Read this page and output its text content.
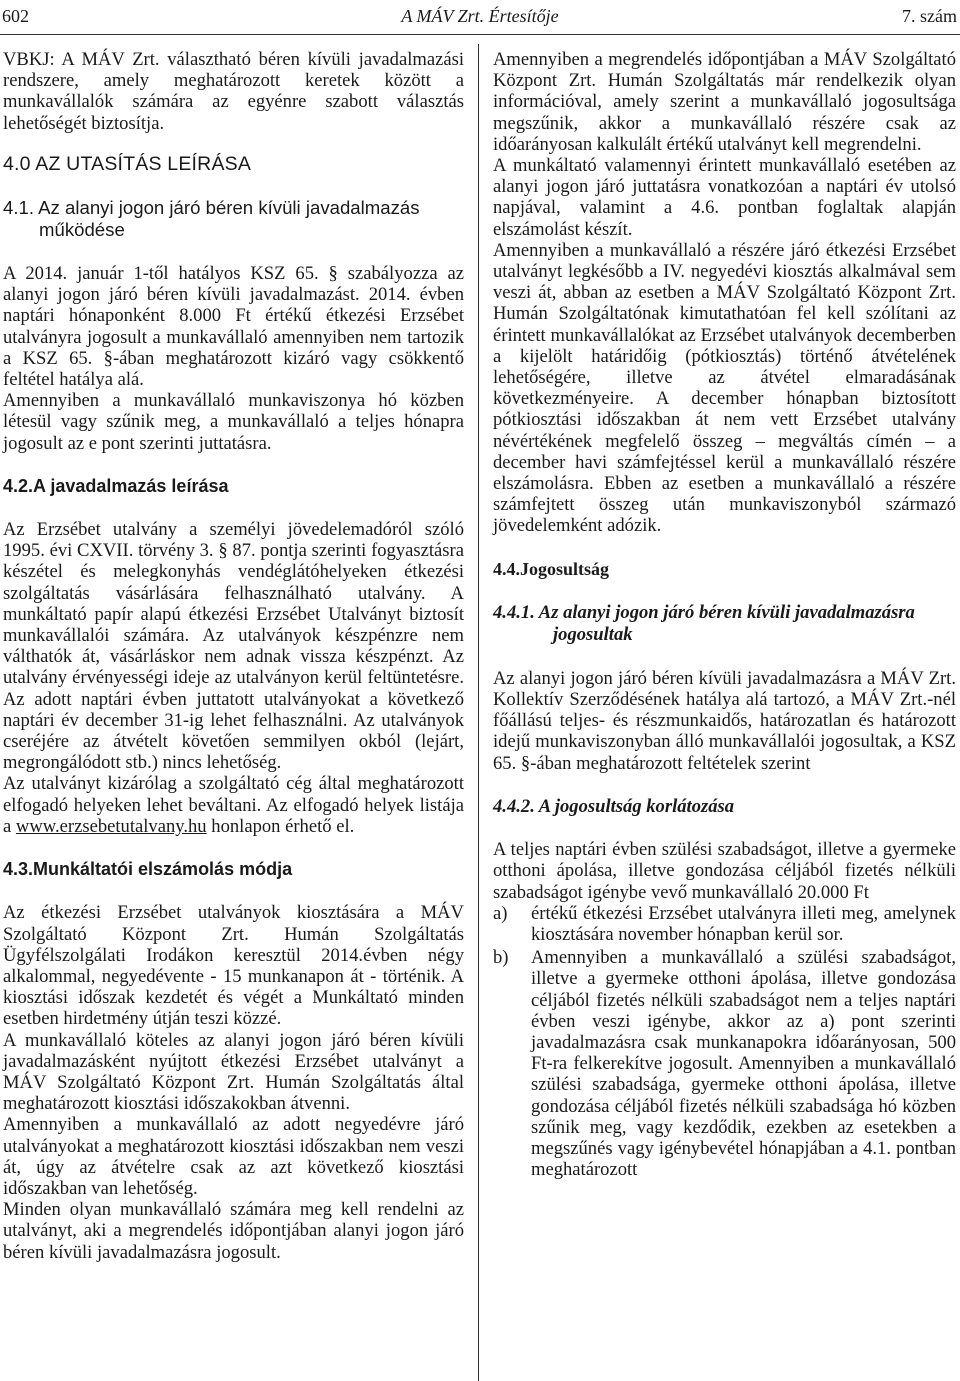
602	A MÁV Zrt. Értesítője	7. szám

VBKJ: A MÁV Zrt. választható béren kívüli javadalmazási rendszere, amely meghatározott keretek között a munkavállalók számára az egyénre szabott választás lehetőségét biztosítja.

4.0 AZ UTASÍTÁS LEÍRÁSA
4.1. Az alanyi jogon járó béren kívüli javadalmazás működése

A 2014. január 1-től hatályos KSZ 65. § szabályozza az alanyi jogon járó béren kívüli javadalmazást. 2014. évben naptári hónaponként 8.000 Ft értékű étkezési Erzsébet utalványra jogosult a munkavállaló amennyiben nem tartozik a KSZ 65. §-ában meghatározott kizáró vagy csökkentő feltétel hatálya alá.

Amennyiben a munkavállaló munkaviszonya hó közben létesül vagy szűnik meg, a munkavállaló a teljes hónapra jogosult az e pont szerinti juttatásra.

4.2.A javadalmazás leírása

Az Erzsébet utalvány a személyi jövedelemadóról szóló 1995. évi CXVII. törvény 3. § 87. pontja szerinti fogyasztásra készétel és melegkonyhás vendéglátóhelyeken étkezési szolgáltatás vásárlására felhasználható utalvány. A munkáltató papír alapú étkezési Erzsébet Utalványt biztosít munkavállalói számára. Az utalványok készpénzre nem válthatók át, vásárláskor nem adnak vissza készpénzt. Az utalvány érvényességi ideje az utalványon kerül feltüntetésre. Az adott naptári évben juttatott utalványokat a következő naptári év december 31-ig lehet felhasználni. Az utalványok cseréjére az átvételt követően semmilyen okból (lejárt, megrongálódott stb.) nincs lehetőség.

Az utalványt kizárólag a szolgáltató cég által meghatározott elfogadó helyeken lehet beváltani. Az elfogadó helyek listája a www.erzsebetutalvany.hu honlapon érhető el.

4.3.Munkáltatói elszámolás módja

Az étkezési Erzsébet utalványok kiosztására a MÁV Szolgáltató Központ Zrt. Humán Szolgáltatás Ügyfélszolgálati Irodákon keresztül 2014.évben négy alkalommal, negyedévente - 15 munkanapon át - történik. A kiosztási időszak kezdetét és végét a Munkáltató minden esetben hirdetmény útján teszi közzé.

A munkavállaló köteles az alanyi jogon járó béren kívüli javadalmazásként nyújtott étkezési Erzsébet utalványt a MÁV Szolgáltató Központ Zrt. Humán Szolgáltatás által meghatározott kiosztási időszakokban átvenni.

Amennyiben a munkavállaló az adott negyedévre járó utalványokat a meghatározott kiosztási időszakban nem veszi át, úgy az átvételre csak az azt következő kiosztási időszakban van lehetőség.

Minden olyan munkavállaló számára meg kell rendelni az utalványt, aki a megrendelés időpontjában alanyi jogon járó béren kívüli javadalmazásra jogosult.

Amennyiben a megrendelés időpontjában a MÁV Szolgáltató Központ Zrt. Humán Szolgáltatás már rendelkezik olyan információval, amely szerint a munkavállaló jogosultsága megszűnik, akkor a munkavállaló részére csak az időarányosan kalkulált értékű utalványt kell megrendelni.

A munkáltató valamennyi érintett munkavállaló esetében az alanyi jogon járó juttatásra vonatkozóan a naptári év utolsó napjával, valamint a 4.6. pontban foglaltak alapján elszámolást készít.

Amennyiben a munkavállaló a részére járó étkezési Erzsébet utalványt legkésőbb a IV. negyedévi kiosztás alkalmával sem veszi át, abban az esetben a MÁV Szolgáltató Központ Zrt. Humán Szolgáltatónak kimutathatóan fel kell szólítani az érintett munkavállalókat az Erzsébet utalványok decemberben a kijelölt határidőig (pótkiosztás) történő átvételének lehetőségére, illetve az átvétel elmaradásának következményeire. A december hónapban biztosított pótkiosztási időszakban át nem vett Erzsébet utalvány névértékének megfelelő összeg – megváltás címén – a december havi számfejtéssel kerül a munkavállaló részére elszámolásra. Ebben az esetben a munkavállaló a részére számfejtett összeg után munkaviszonyból származó jövedelemként adózik.

4.4.Jogosultság
4.4.1. Az alanyi jogon járó béren kívüli javadalmazásra jogosultak

Az alanyi jogon járó béren kívüli javadalmazásra a MÁV Zrt. Kollektív Szerződésének hatálya alá tartozó, a MÁV Zrt.-nél főállású teljes- és részmunkaidős, határozatlan és határozott idejű munkaviszonyban álló munkavállalói jogosultak, a KSZ 65. §-ában meghatározott feltételek szerint

4.4.2. A jogosultság korlátozása

A teljes naptári évben szülési szabadságot, illetve a gyermeke otthoni ápolása, illetve gondozása céljából fizetés nélküli szabadságot igénybe vevő munkavállaló 20.000 Ft

a) értékű étkezési Erzsébet utalványra illeti meg, amelynek kiosztására november hónapban kerül sor.
b) Amennyiben a munkavállaló a szülési szabadságot, illetve a gyermeke otthoni ápolása, illetve gondozása céljából fizetés nélküli szabadságot nem a teljes naptári évben veszi igénybe, akkor az a) pont szerinti javadalmazásra csak munkanapokra időarányosan, 500 Ft-ra felkerekítve jogosult. Amennyiben a munkavállaló szülési szabadsága, gyermeke otthoni ápolása, illetve gondozása céljából fizetés nélküli szabadsága hó közben szűnik meg, vagy kezdődik, ezekben az esetekben a megszűnés vagy igénybevétel hónapjában a 4.1. pontban meghatározott
